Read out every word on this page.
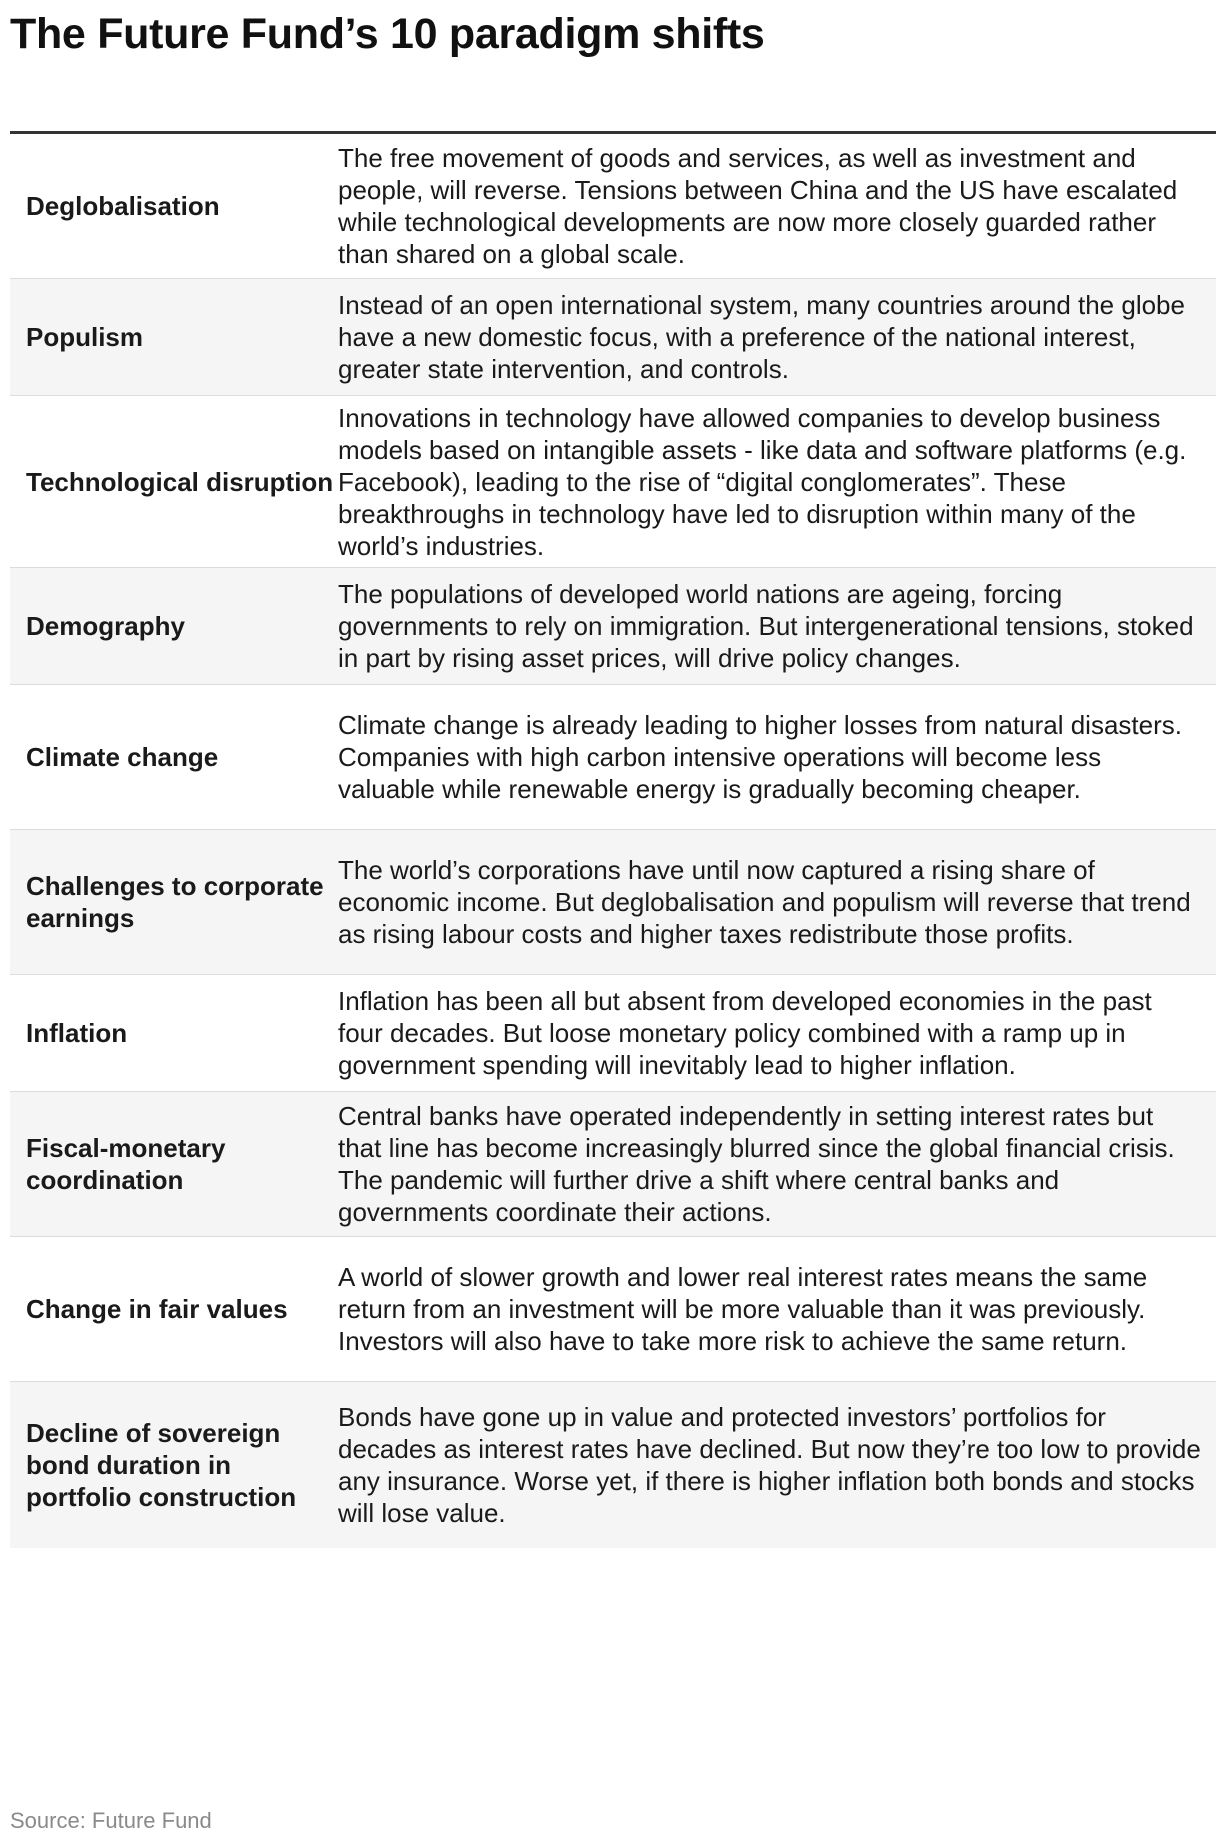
The Future Fund’s 10 paradigm shifts
Deglobalisation
The free movement of goods and services, as well as investment and people, will reverse. Tensions between China and the US have escalated while technological developments are now more closely guarded rather than shared on a global scale.
Populism
Instead of an open international system, many countries around the globe have a new domestic focus, with a preference of the national interest, greater state intervention, and controls.
Technological disruption
Innovations in technology have allowed companies to develop business models based on intangible assets - like data and software platforms (e.g. Facebook), leading to the rise of “digital conglomerates”. These breakthroughs in technology have led to disruption within many of the world’s industries.
Demography
The populations of developed world nations are ageing, forcing governments to rely on immigration. But intergenerational tensions, stoked in part by rising asset prices, will drive policy changes.
Climate change
Climate change is already leading to higher losses from natural disasters. Companies with high carbon intensive operations will become less valuable while renewable energy is gradually becoming cheaper.
Challenges to corporate earnings
The world’s corporations have until now captured a rising share of economic income. But deglobalisation and populism will reverse that trend as rising labour costs and higher taxes redistribute those profits.
Inflation
Inflation has been all but absent from developed economies in the past four decades. But loose monetary policy combined with a ramp up in government spending will inevitably lead to higher inflation.
Fiscal-monetary coordination
Central banks have operated independently in setting interest rates but that line has become increasingly blurred since the global financial crisis. The pandemic will further drive a shift where central banks and governments coordinate their actions.
Change in fair values
A world of slower growth and lower real interest rates means the same return from an investment will be more valuable than it was previously. Investors will also have to take more risk to achieve the same return.
Decline of sovereign bond duration in portfolio construction
Bonds have gone up in value and protected investors’ portfolios for decades as interest rates have declined. But now they’re too low to provide any insurance. Worse yet, if there is higher inflation both bonds and stocks will lose value.
Source: Future Fund
